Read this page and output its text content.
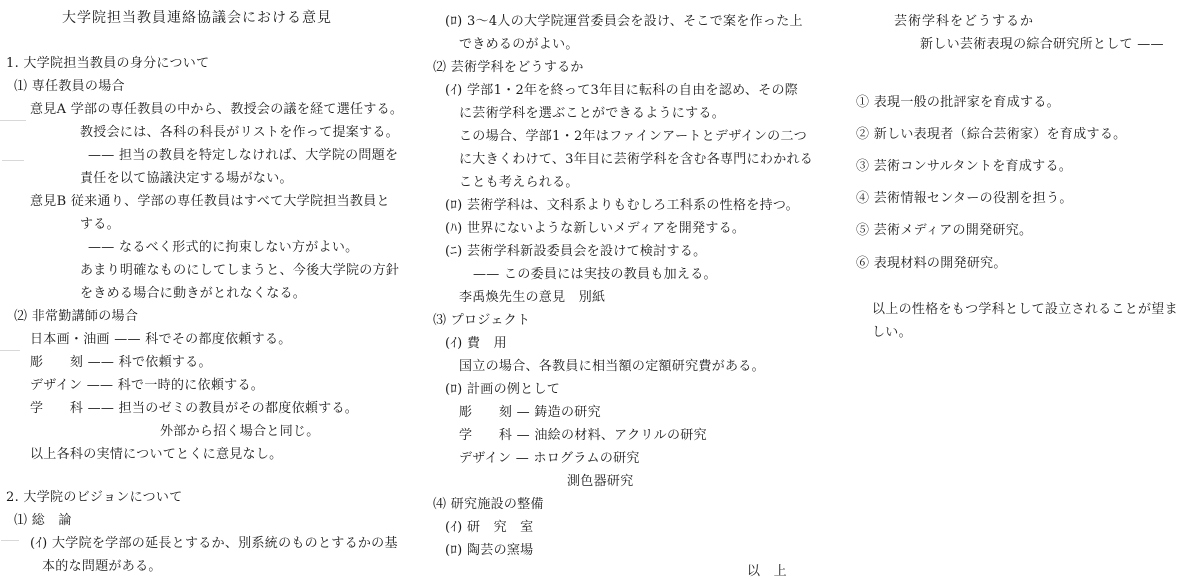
大学院担当教員連絡協議会における意見
1. 大学院担当教員の身分について
⑴ 専任教員の場合
意見A 学部の専任教員の中から、教授会の議を経て選任する。
教授会には、各科の科長がリストを作って提案する。
—— 担当の教員を特定しなければ、大学院の問題を
責任を以て協議決定する場がない。
意見B 従来通り、学部の専任教員はすべて大学院担当教員と
する。
—— なるべく形式的に拘束しない方がよい。
あまり明確なものにしてしまうと、今後大学院の方針
をきめる場合に動きがとれなくなる。
⑵ 非常勤講師の場合
日本画・油画 —— 科でその都度依頼する。
彫　　刻 —— 科で依頼する。
デザイン —— 科で一時的に依頼する。
学　　科 —— 担当のゼミの教員がその都度依頼する。
外部から招く場合と同じ。
以上各科の実情についてとくに意見なし。
2. 大学院のビジョンについて
⑴ 総　論
(ｲ) 大学院を学部の延長とするか、別系統のものとするかの基
本的な問題がある。
(ﾛ) 3〜4人の大学院運営委員会を設け、そこで案を作った上
できめるのがよい。
⑵ 芸術学科をどうするか
(ｲ) 学部1・2年を終って3年目に転科の自由を認め、その際
に芸術学科を選ぶことができるようにする。
この場合、学部1・2年はファインアートとデザインの二つ
に大きくわけて、3年目に芸術学科を含む各専門にわかれる
ことも考えられる。
(ﾛ) 芸術学科は、文科系よりもむしろ工科系の性格を持つ。
(ﾊ) 世界にないような新しいメディアを開発する。
(ﾆ) 芸術学科新設委員会を設けて検討する。
—— この委員には実技の教員も加える。
李禹煥先生の意見　別紙
⑶ プロジェクト
(ｲ) 費　用
国立の場合、各教員に相当額の定額研究費がある。
(ﾛ) 計画の例として
彫　　刻 — 鋳造の研究
学　　科 — 油絵の材料、アクリルの研究
デザイン — ホログラムの研究
測色器研究
⑷ 研究施設の整備
(ｲ) 研　究　室
(ﾛ) 陶芸の窯場
以　上
芸術学科をどうするか
新しい芸術表現の綜合研究所として ——
① 表現一般の批評家を育成する。
② 新しい表現者（綜合芸術家）を育成する。
③ 芸術コンサルタントを育成する。
④ 芸術情報センターの役割を担う。
⑤ 芸術メディアの開発研究。
⑥ 表現材料の開発研究。
以上の性格をもつ学科として設立されることが望ま
しい。
